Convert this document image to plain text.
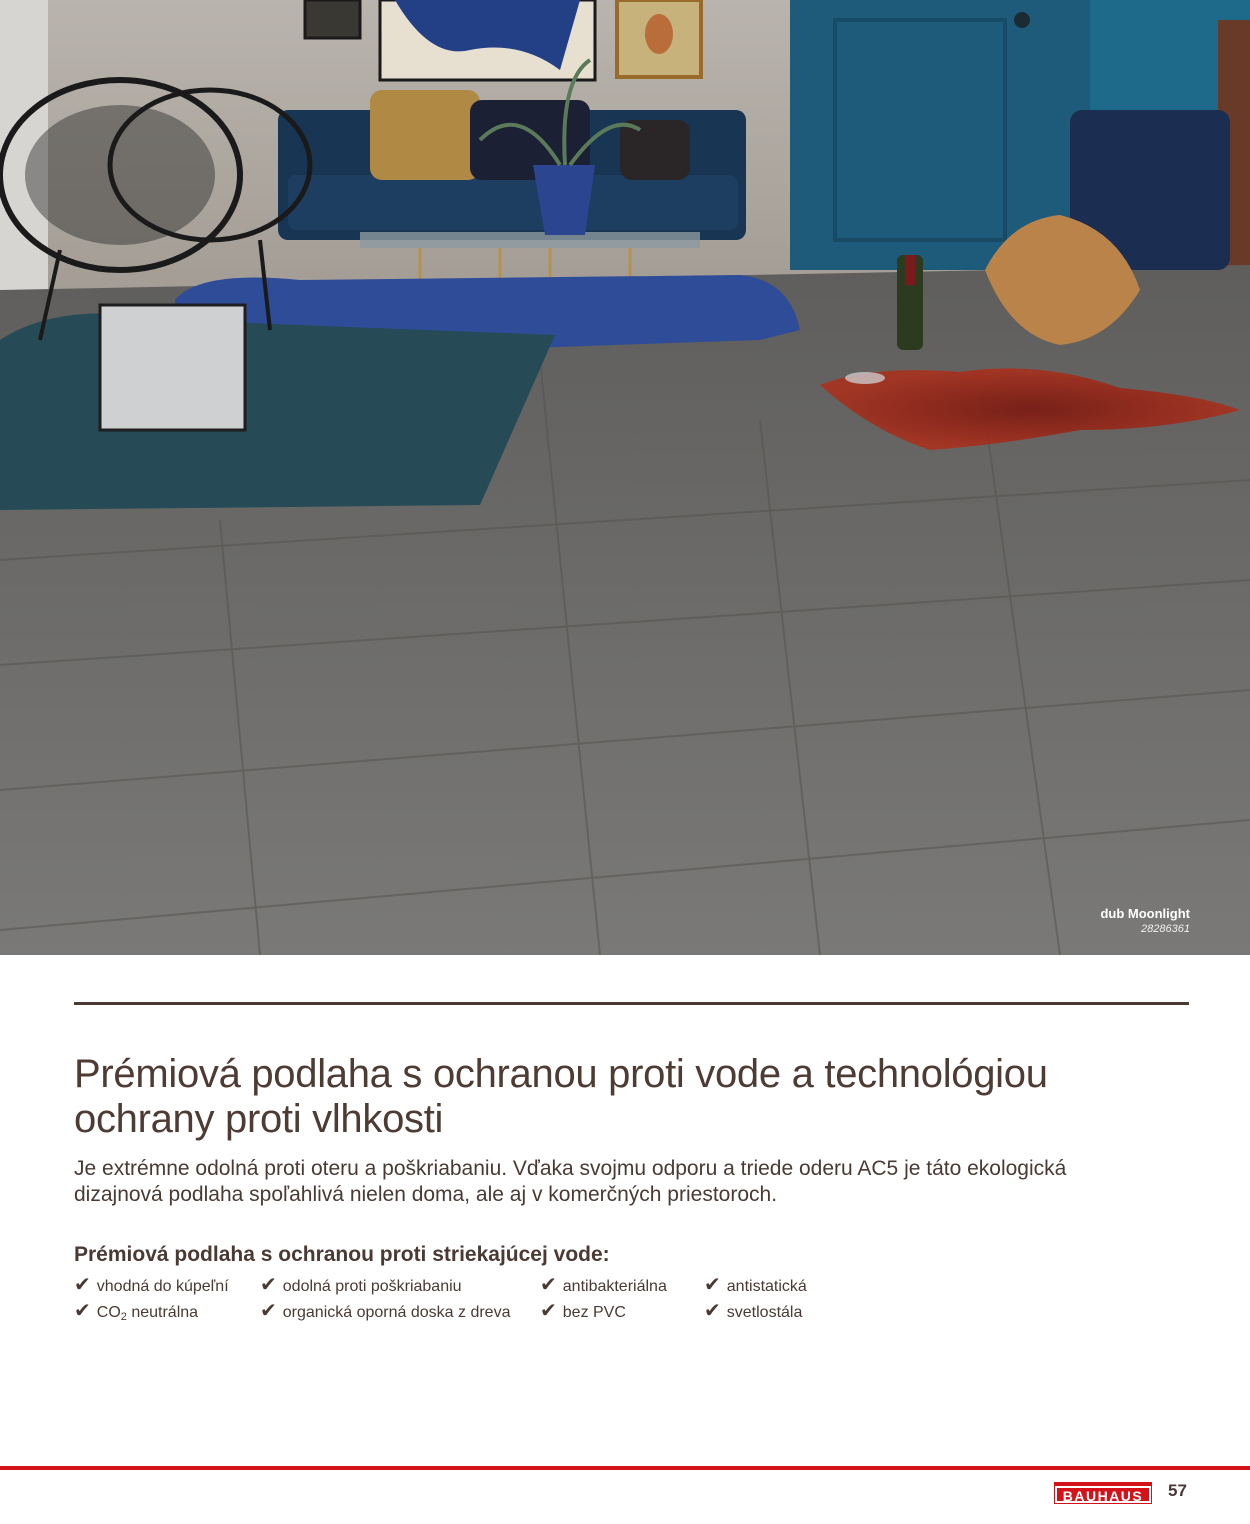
dub Moonlight
28286361
Prémiová podlaha s ochranou proti vode a technológiou
ochrany proti vlhkosti

Je extrémne odolná proti oteru a poškriabaniu. Vďaka svojmu odporu a triede oderu AC5 je táto ekologická
dizajnová podlaha spoľahlivá nielen doma, ale aj v komerčných priestoroch.

Prémiová podlaha s ochranou proti striekajúcej vode:
✔ vhodná do kúpeľní ✔ odolná proti poškriabaniu	✔ antibakteriálna ✔ antistatická
✔ $CO_2$ neutrálna	✔ organická oporná doska z dreva ✔ bez PVC	✔ svetlostála
BAUHAUS	57
